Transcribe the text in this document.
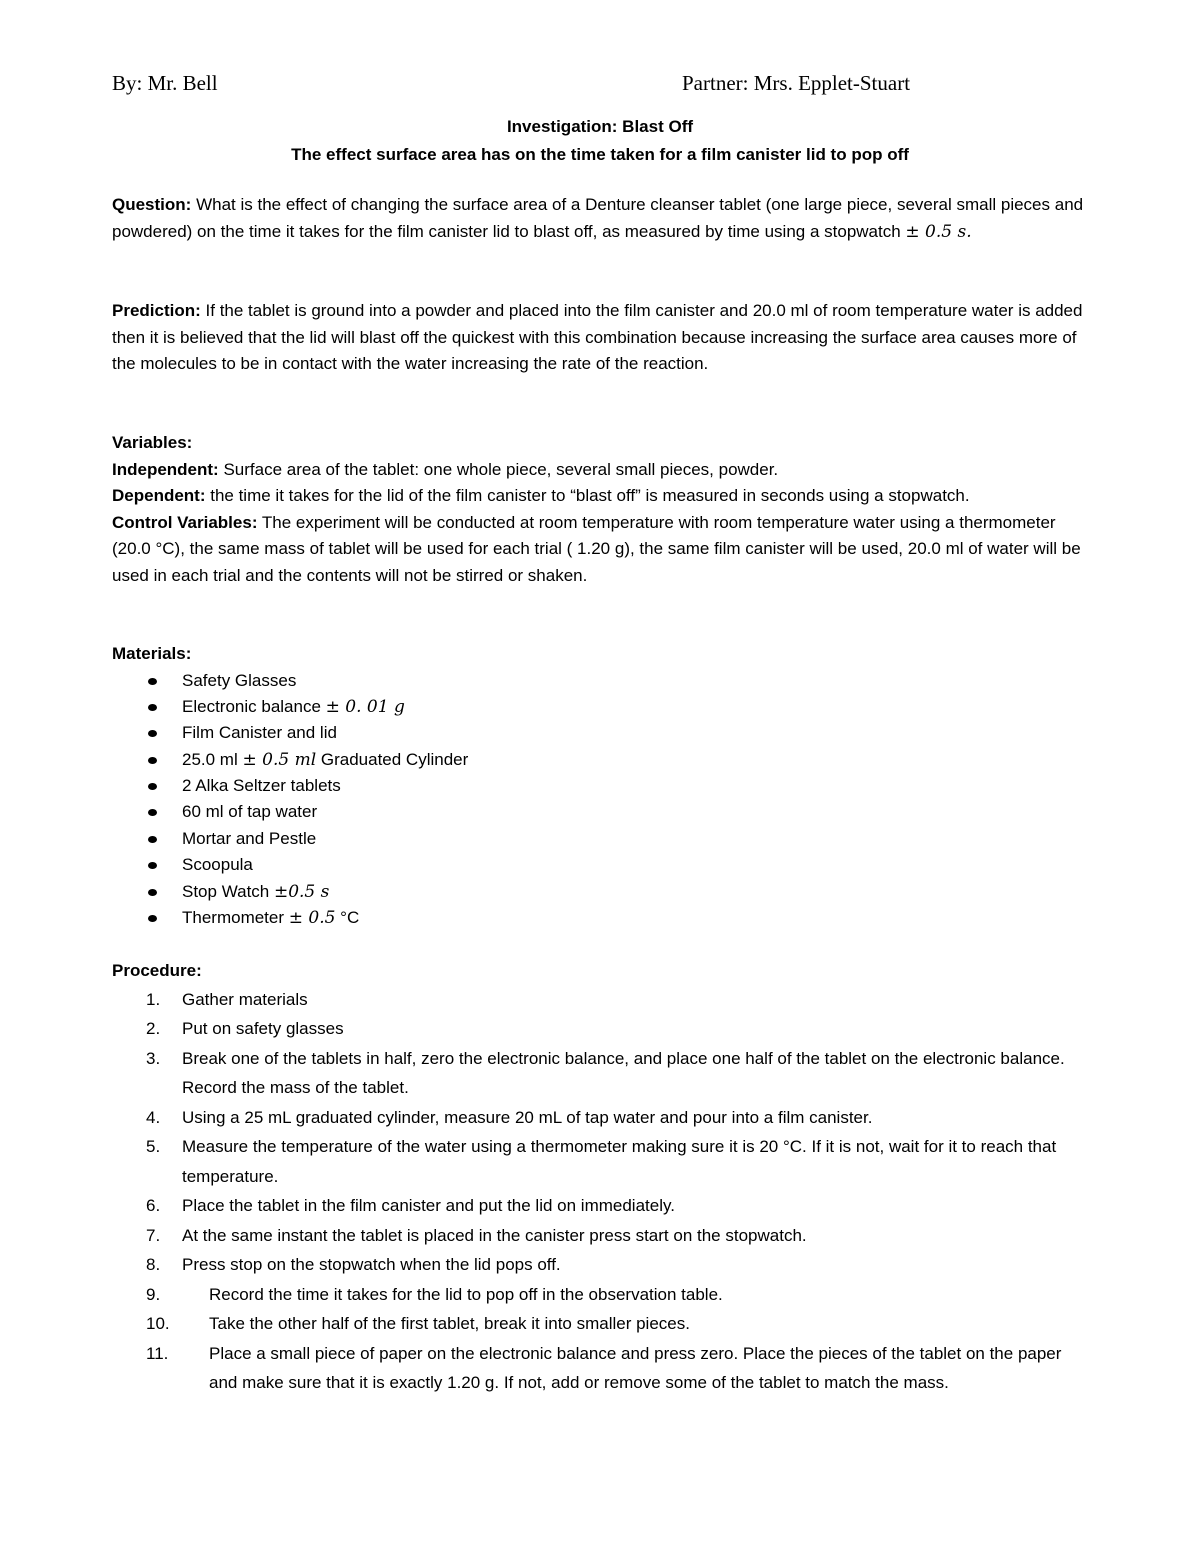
By: Mr. Bell	Partner: Mrs. Epplet-Stuart
Investigation: Blast Off
The effect surface area has on the time taken for a film canister lid to pop off
Question: What is the effect of changing the surface area of a Denture cleanser tablet (one large piece, several small pieces and powdered) on the time it takes for the film canister lid to blast off, as measured by time using a stopwatch ± 0.5 s.
Prediction: If the tablet is ground into a powder and placed into the film canister and 20.0 ml of room temperature water is added then it is believed that the lid will blast off the quickest with this combination because increasing the surface area causes more of the molecules to be in contact with the water increasing the rate of the reaction.
Variables:
Independent: Surface area of the tablet: one whole piece, several small pieces, powder.
Dependent: the time it takes for the lid of the film canister to “blast off” is measured in seconds using a stopwatch.
Control Variables: The experiment will be conducted at room temperature with room temperature water using a thermometer (20.0 °C), the same mass of tablet will be used for each trial ( 1.20 g), the same film canister will be used, 20.0 ml of water will be used in each trial and the contents will not be stirred or shaken.
Materials:
Safety Glasses
Electronic balance ± 0. 01 g
Film Canister and lid
25.0 ml ± 0.5 ml Graduated Cylinder
2 Alka Seltzer tablets
60 ml of tap water
Mortar and Pestle
Scoopula
Stop Watch ±0.5 s
Thermometer ± 0.5 °C
Procedure:
1. Gather materials
2. Put on safety glasses
3. Break one of the tablets in half, zero the electronic balance, and place one half of the tablet on the electronic balance. Record the mass of the tablet.
4. Using a 25 mL graduated cylinder, measure 20 mL of tap water and pour into a film canister.
5. Measure the temperature of the water using a thermometer making sure it is 20 °C. If it is not, wait for it to reach that temperature.
6. Place the tablet in the film canister and put the lid on immediately.
7. At the same instant the tablet is placed in the canister press start on the stopwatch.
8. Press stop on the stopwatch when the lid pops off.
9.	Record the time it takes for the lid to pop off in the observation table.
10. Take the other half of the first tablet, break it into smaller pieces.
11. Place a small piece of paper on the electronic balance and press zero. Place the pieces of the tablet on the paper and make sure that it is exactly 1.20 g. If not, add or remove some of the tablet to match the mass.
